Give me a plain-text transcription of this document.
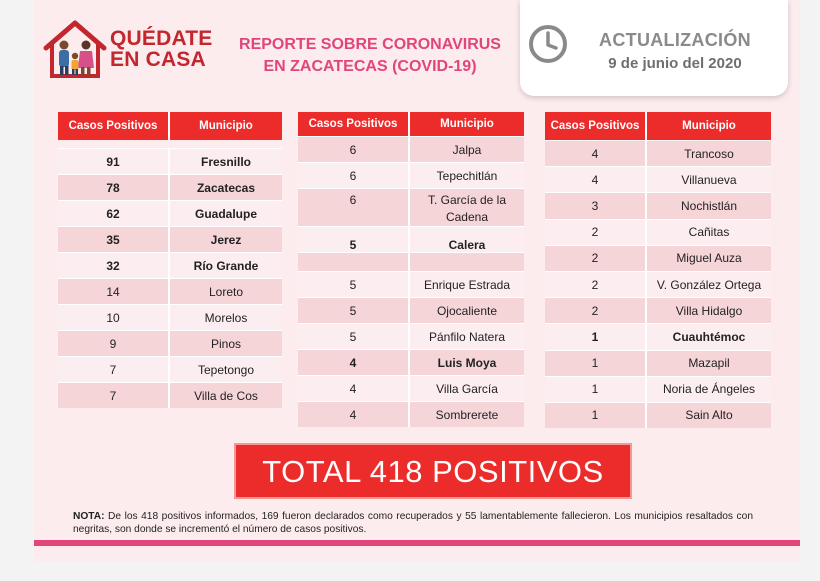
QUÉDATE
EN CASA
REPORTE SOBRE CORONAVIRUS
EN ZACATECAS (COVID-19)
ACTUALIZACIÓN
9 de junio del 2020
Casos Positivos	Municipio

91	Fresnillo
78	Zacatecas
62	Guadalupe
35	Jerez
32	Río Grande
14	Loreto
10	Morelos
9	Pinos
7	Tepetongo
7	Villa de Cos
Casos Positivos	Municipio
6	Jalpa
6	Tepechitlán
6	T. García de la Cadena
5	Calera

5	Enrique Estrada
5	Ojocaliente
5	Pánfilo Natera
4	Luis Moya
4	Villa García
4	Sombrerete
Casos Positivos	Municipio
4	Trancoso
4	Villanueva
3	Nochistlán
2	Cañitas
2	Miguel Auza
2	V. González Ortega
2	Villa Hidalgo
1	Cuauhtémoc
1	Mazapil
1	Noria de Ángeles
1	Sain Alto
TOTAL 418 POSITIVOS
NOTA: De los 418 positivos informados, 169 fueron declarados como recuperados y 55 lamentablemente fallecieron. Los municipios resaltados con negritas, son donde se incrementó el número de casos positivos.
